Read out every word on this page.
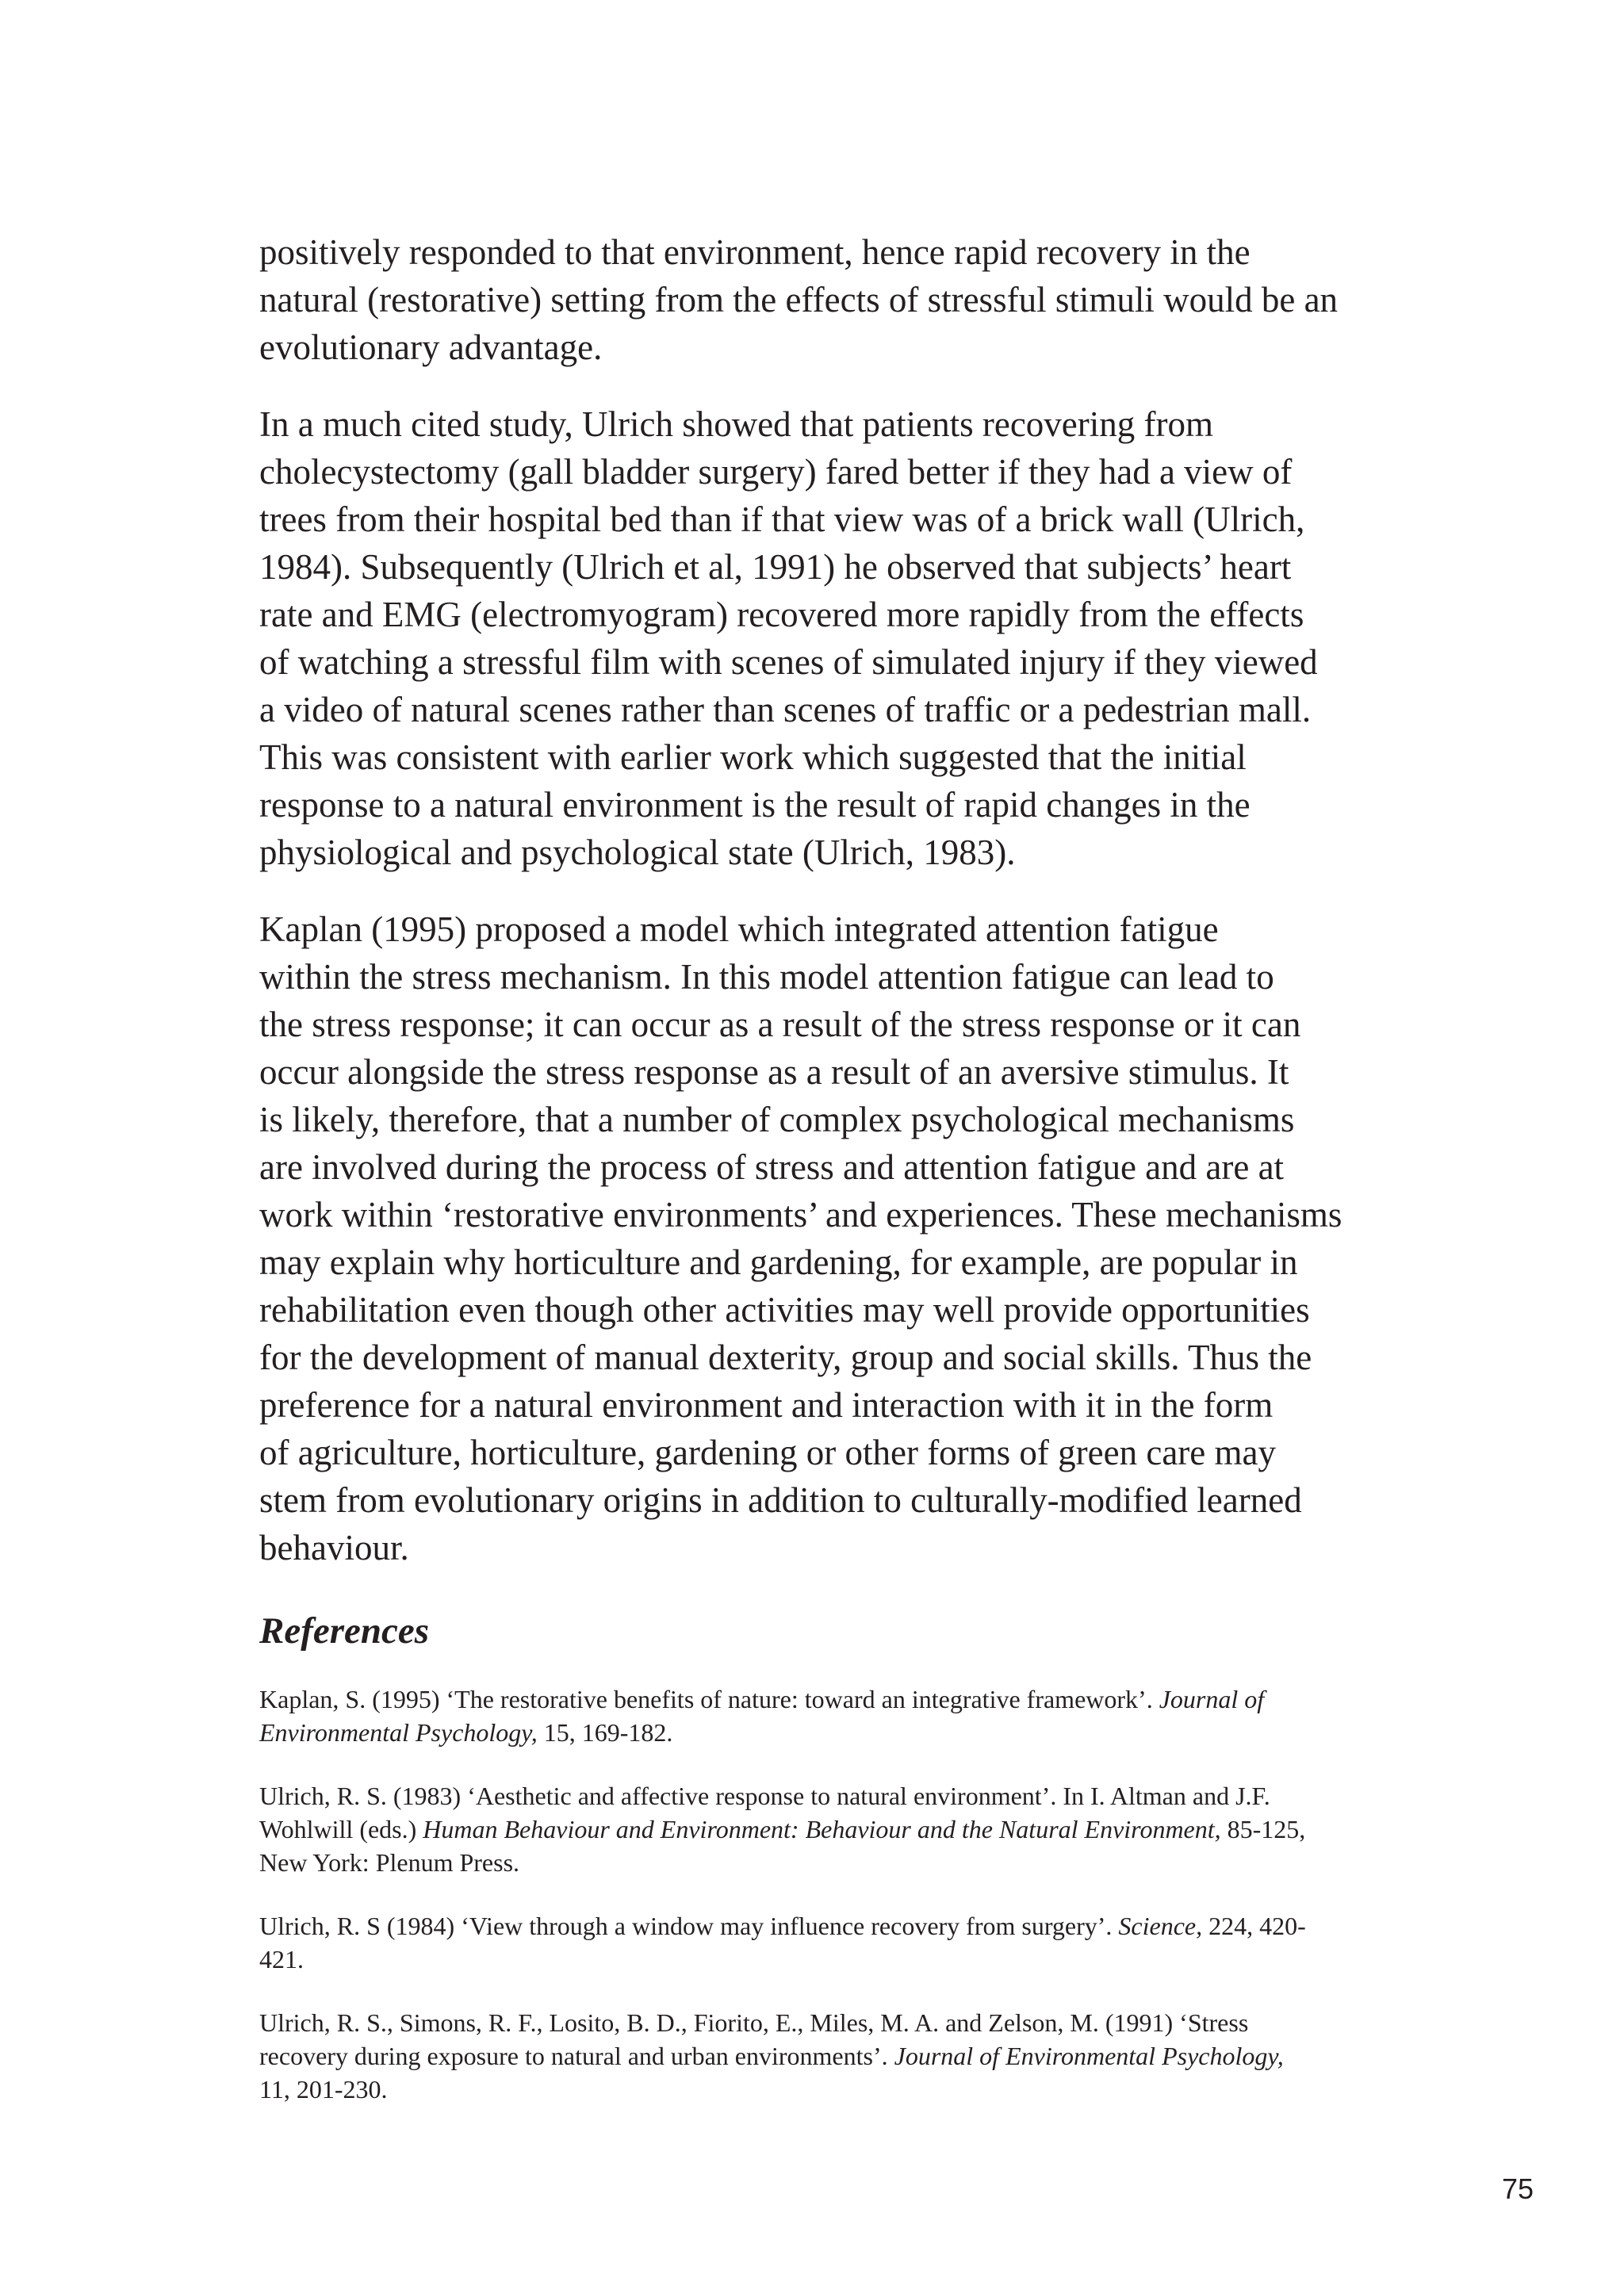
positively responded to that environment, hence rapid recovery in the
natural (restorative) setting from the effects of stressful stimuli would be an
evolutionary advantage.
In a much cited study, Ulrich showed that patients recovering from
cholecystectomy (gall bladder surgery) fared better if they had a view of
trees from their hospital bed than if that view was of a brick wall (Ulrich,
1984). Subsequently (Ulrich et al, 1991) he observed that subjects’ heart
rate and EMG (electromyogram) recovered more rapidly from the effects
of watching a stressful film with scenes of simulated injury if they viewed
a video of natural scenes rather than scenes of traffic or a pedestrian mall.
This was consistent with earlier work which suggested that the initial
response to a natural environment is the result of rapid changes in the
physiological and psychological state (Ulrich, 1983).
Kaplan (1995) proposed a model which integrated attention fatigue
within the stress mechanism. In this model attention fatigue can lead to
the stress response; it can occur as a result of the stress response or it can
occur alongside the stress response as a result of an aversive stimulus. It
is likely, therefore, that a number of complex psychological mechanisms
are involved during the process of stress and attention fatigue and are at
work within ‘restorative environments’ and experiences. These mechanisms
may explain why horticulture and gardening, for example, are popular in
rehabilitation even though other activities may well provide opportunities
for the development of manual dexterity, group and social skills. Thus the
preference for a natural environment and interaction with it in the form
of agriculture, horticulture, gardening or other forms of green care may
stem from evolutionary origins in addition to culturally-modified learned
behaviour.
References
Kaplan, S. (1995) ‘The restorative benefits of nature: toward an integrative framework’. Journal of
Environmental Psychology, 15, 169-182.
Ulrich, R. S. (1983) ‘Aesthetic and affective response to natural environment’. In I. Altman and J.F.
Wohlwill (eds.) Human Behaviour and Environment: Behaviour and the Natural Environment, 85-125,
New York: Plenum Press.
Ulrich, R. S (1984) ‘View through a window may influence recovery from surgery’. Science, 224, 420-
421.
Ulrich, R. S., Simons, R. F., Losito, B. D., Fiorito, E., Miles, M. A. and Zelson, M. (1991) ‘Stress
recovery during exposure to natural and urban environments’. Journal of Environmental Psychology,
11, 201-230.
75
